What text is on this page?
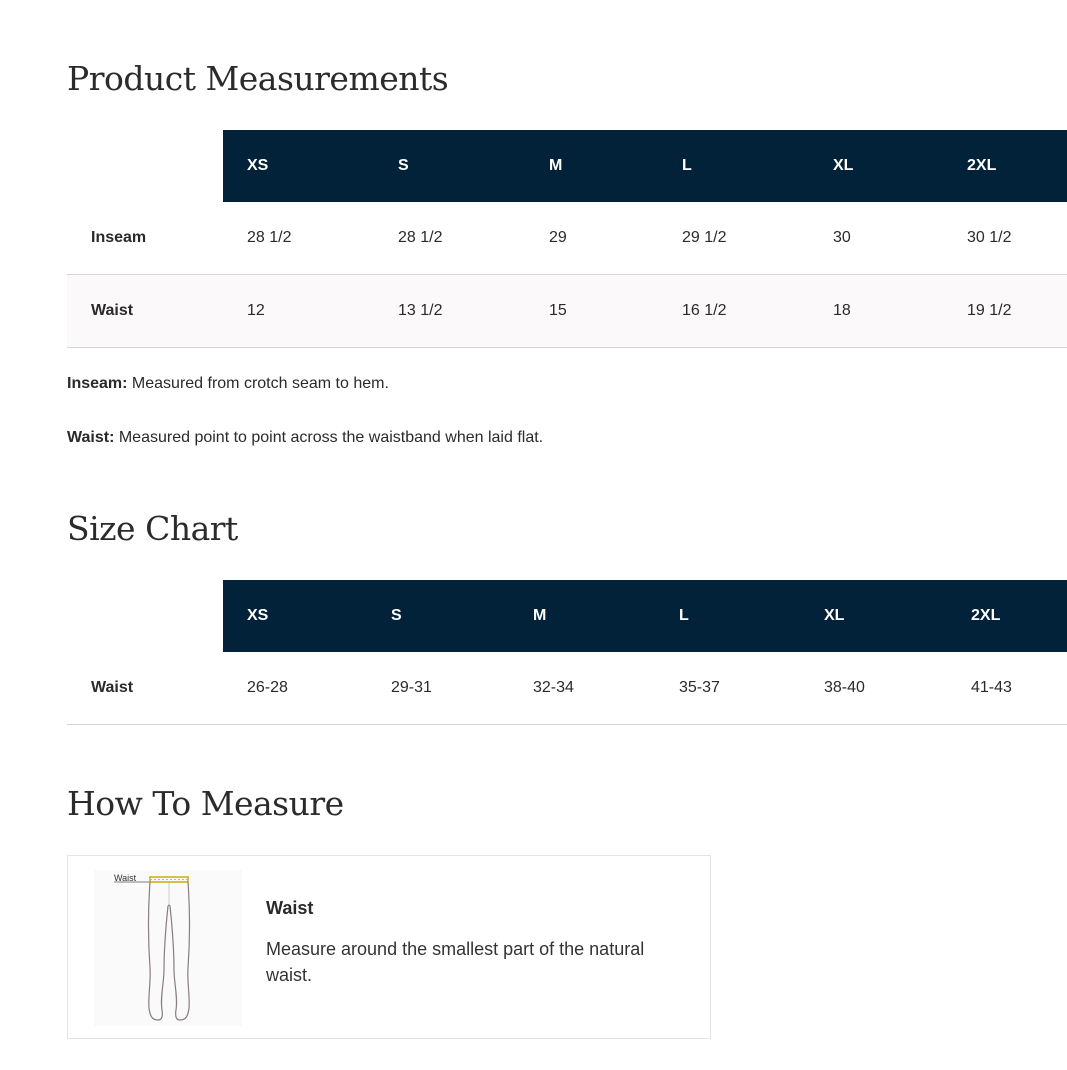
Product Measurements
	XS	S	M	L	XL	2XL
Inseam	28 1/2	28 1/2	29	29 1/2	30	30 1/2
Waist	12	13 1/2	15	16 1/2	18	19 1/2

Inseam: Measured from crotch seam to hem.

Waist: Measured point to point across the waistband when laid flat.

Size Chart
	XS	S	M	L	XL	2XL
Waist	26-28	29-31	32-34	35-37	38-40	41-43
How To Measure
Waist
Waist
Measure around the smallest part of the natural waist.
